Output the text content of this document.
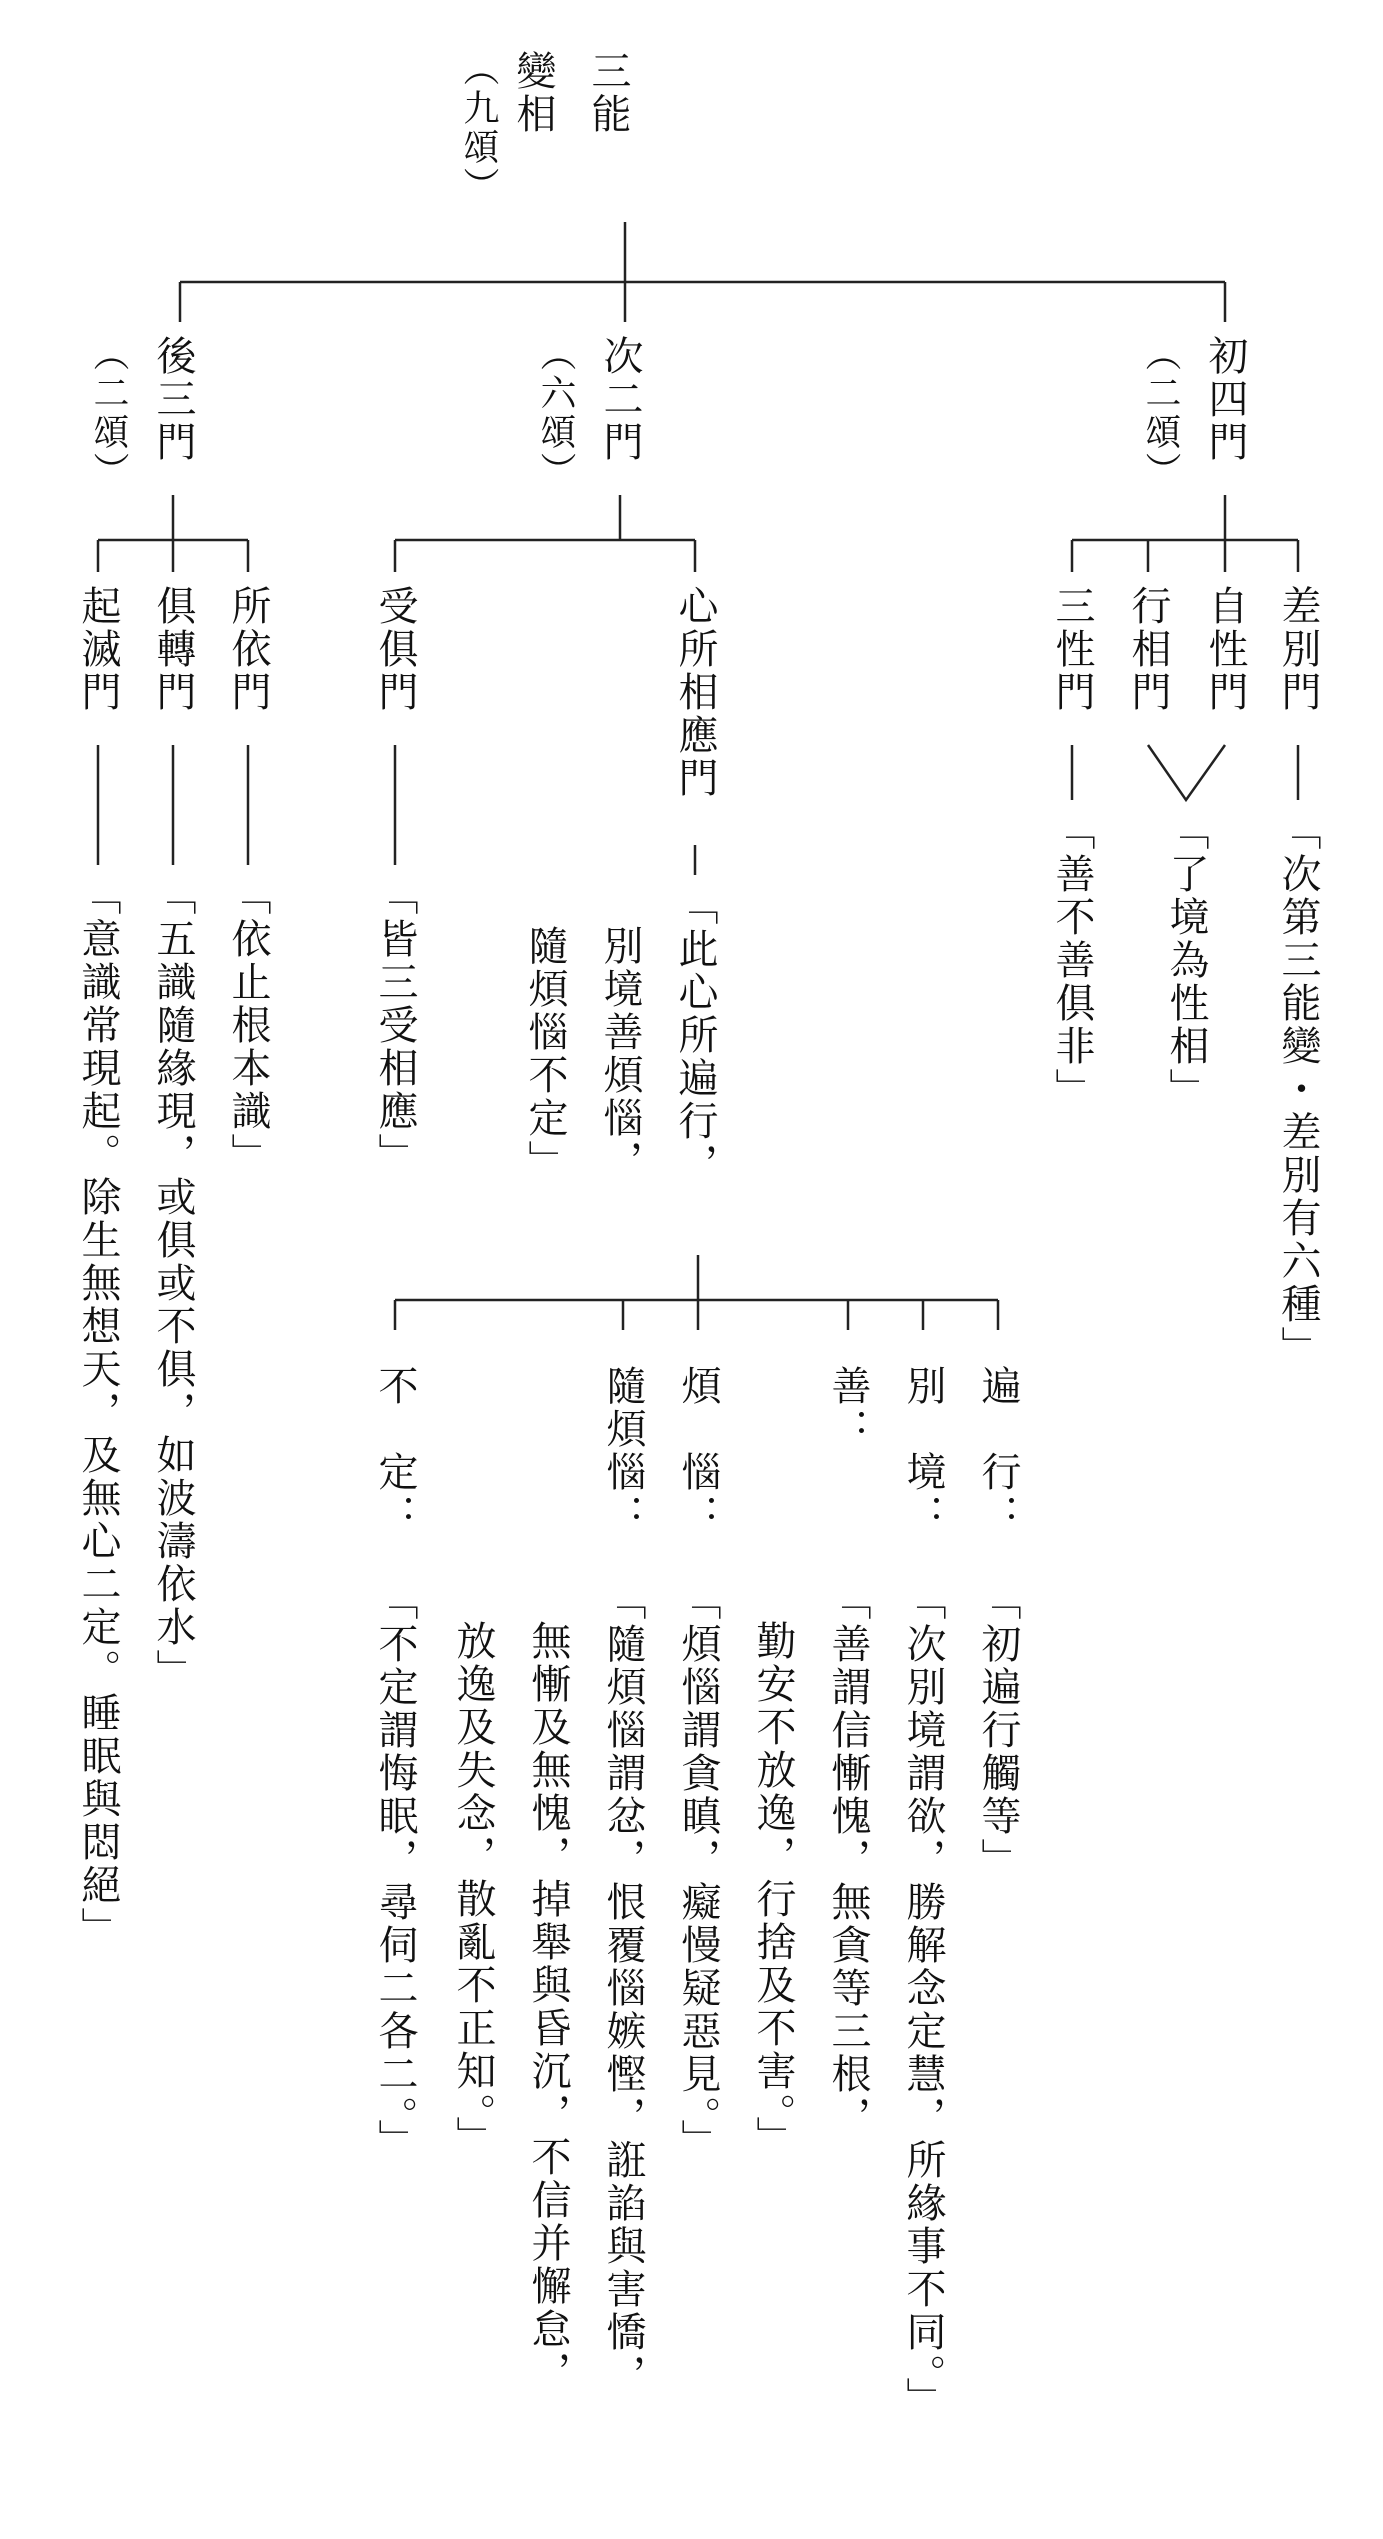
三能
變相
（九頌）
初四門
（二頌）
差別門
自性門
行相門
三性門
「次第三能變・差別有六種」
「了境為性相」
「善不善俱非」
次二門
（六頌）
心所相應門
受俱門
「此心所遍行，
別境善煩惱，
隨煩惱不定」
「皆三受相應」
遍　行：
「初遍行觸等」
別　境：
「次別境謂欲，勝解念定慧，所緣事不同。」
善：
「善謂信慚愧，無貪等三根，
勤安不放逸，行捨及不害。」
煩　惱：
「煩惱謂貪瞋，癡慢疑惡見。」
隨煩惱：
「隨煩惱謂忿，恨覆惱嫉慳，誑諂與害憍，
無慚及無愧，掉舉與昏沉，不信并懈怠，
放逸及失念，散亂不正知。」
不　定：
「不定謂悔眠，尋伺二各二。」
後三門
（二頌）
所依門
俱轉門
起滅門
「依止根本識」
「五識隨緣現，或俱或不俱，如波濤依水」
「意識常現起。除生無想天，及無心二定。睡眠與悶絕」
